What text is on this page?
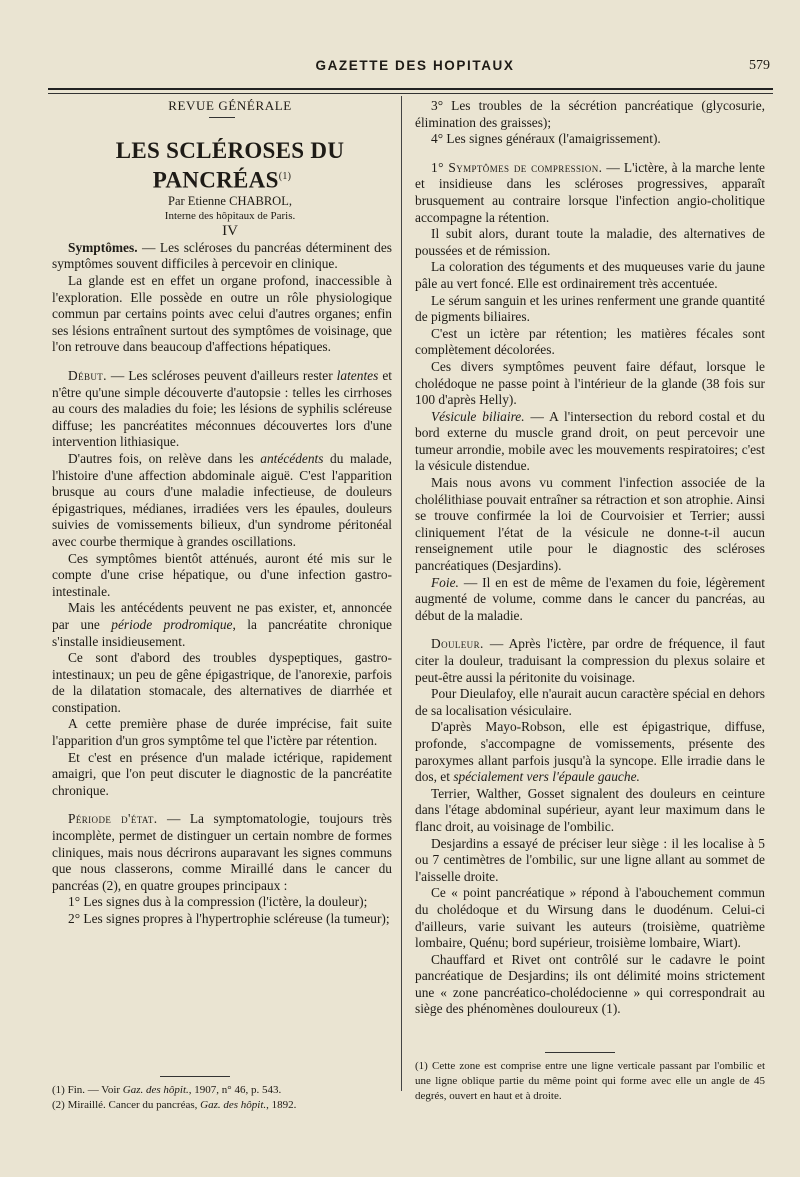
GAZETTE DES HOPITAUX	579

REVUE GÉNÉRALE

LES SCLÉROSES DU PANCRÉAS$^{(1)}$

Par Etienne CHABROL,

Interne des hôpitaux de Paris.

IV

Symptômes. — Les scléroses du pancréas déterminent des symptômes souvent difficiles à percevoir en clinique.

La glande est en effet un organe profond, inaccessible à l'exploration. Elle possède en outre un rôle physiologique commun par certains points avec celui d'autres organes; enfin ses lésions entraînent surtout des symptômes de voisinage, que l'on retrouve dans beaucoup d'affections hépatiques.

Début. — Les scléroses peuvent d'ailleurs rester latentes et n'être qu'une simple découverte d'autopsie : telles les cirrhoses au cours des maladies du foie; les lésions de syphilis scléreuse diffuse; les pancréatites méconnues découvertes lors d'une intervention lithiasique.

D'autres fois, on relève dans les antécédents du malade, l'histoire d'une affection abdominale aiguë. C'est l'apparition brusque au cours d'une maladie infectieuse, de douleurs épigastriques, médianes, irradiées vers les épaules, douleurs suivies de vomissements bilieux, d'un syndrome péritonéal avec courbe thermique à grandes oscillations.

Ces symptômes bientôt atténués, auront été mis sur le compte d'une crise hépatique, ou d'une infection gastro-intestinale.

Mais les antécédents peuvent ne pas exister, et, annoncée par une période prodromique, la pancréatite chronique s'installe insidieusement.

Ce sont d'abord des troubles dyspeptiques, gastro-intestinaux; un peu de gêne épigastrique, de l'anorexie, parfois de la dilatation stomacale, des alternatives de diarrhée et constipation.

A cette première phase de durée imprécise, fait suite l'apparition d'un gros symptôme tel que l'ictère par rétention.

Et c'est en présence d'un malade ictérique, rapidement amaigri, que l'on peut discuter le diagnostic de la pancréatite chronique.

Période d'état. — La symptomatologie, toujours très incomplète, permet de distinguer un certain nombre de formes cliniques, mais nous décrirons auparavant les signes communs que nous classerons, comme Miraillé dans le cancer du pancréas (2), en quatre groupes principaux :

1° Les signes dus à la compression (l'ictère, la douleur);

2° Les signes propres à l'hypertrophie scléreuse (la tumeur);

(1) Fin. — Voir Gaz. des hôpit., 1907, n° 46, p. 543.
(2) Miraillé. Cancer du pancréas, Gaz. des hôpit., 1892.

3° Les troubles de la sécrétion pancréatique (glycosurie, élimination des graisses);

4° Les signes généraux (l'amaigrissement).

1° Symptômes de compression. — L'ictère, à la marche lente et insidieuse dans les scléroses progressives, apparaît brusquement au contraire lorsque l'infection angio-cholitique accompagne la rétention.

Il subit alors, durant toute la maladie, des alternatives de poussées et de rémission.

La coloration des téguments et des muqueuses varie du jaune pâle au vert foncé. Elle est ordinairement très accentuée.

Le sérum sanguin et les urines renferment une grande quantité de pigments biliaires.

C'est un ictère par rétention; les matières fécales sont complètement décolorées.

Ces divers symptômes peuvent faire défaut, lorsque le cholédoque ne passe point à l'intérieur de la glande (38 fois sur 100 d'après Helly).

Vésicule biliaire. — A l'intersection du rebord costal et du bord externe du muscle grand droit, on peut percevoir une tumeur arrondie, mobile avec les mouvements respiratoires; c'est la vésicule distendue.

Mais nous avons vu comment l'infection associée de la cholélithiase pouvait entraîner sa rétraction et son atrophie. Ainsi se trouve confirmée la loi de Courvoisier et Terrier; aussi cliniquement l'état de la vésicule ne donne-t-il aucun renseignement utile pour le diagnostic des scléroses pancréatiques (Desjardins).

Foie. — Il en est de même de l'examen du foie, légèrement augmenté de volume, comme dans le cancer du pancréas, au début de la maladie.

Douleur. — Après l'ictère, par ordre de fréquence, il faut citer la douleur, traduisant la compression du plexus solaire et peut-être aussi la péritonite du voisinage.

Pour Dieulafoy, elle n'aurait aucun caractère spécial en dehors de sa localisation vésiculaire.

D'après Mayo-Robson, elle est épigastrique, diffuse, profonde, s'accompagne de vomissements, présente des paroxymes allant parfois jusqu'à la syncope. Elle irradie dans le dos, et spécialement vers l'épaule gauche.

Terrier, Walther, Gosset signalent des douleurs en ceinture dans l'étage abdominal supérieur, ayant leur maximum dans le flanc droit, au voisinage de l'ombilic.

Desjardins a essayé de préciser leur siège : il les localise à 5 ou 7 centimètres de l'ombilic, sur une ligne allant au sommet de l'aisselle droite.

Ce « point pancréatique » répond à l'abouchement commun du cholédoque et du Wirsung dans le duodénum. Celui-ci d'ailleurs, varie suivant les auteurs (troisième, quatrième lombaire, Quénu; bord supérieur, troisième lombaire, Wiart).

Chauffard et Rivet ont contrôlé sur le cadavre le point pancréatique de Desjardins; ils ont délimité moins strictement une « zone pancréatico-cholédocienne » qui correspondrait au siège des phénomènes douloureux (1).

(1) Cette zone est comprise entre une ligne verticale passant par l'ombilic et une ligne oblique partie du même point qui forme avec elle un angle de 45 degrés, ouvert en haut et à droite.
